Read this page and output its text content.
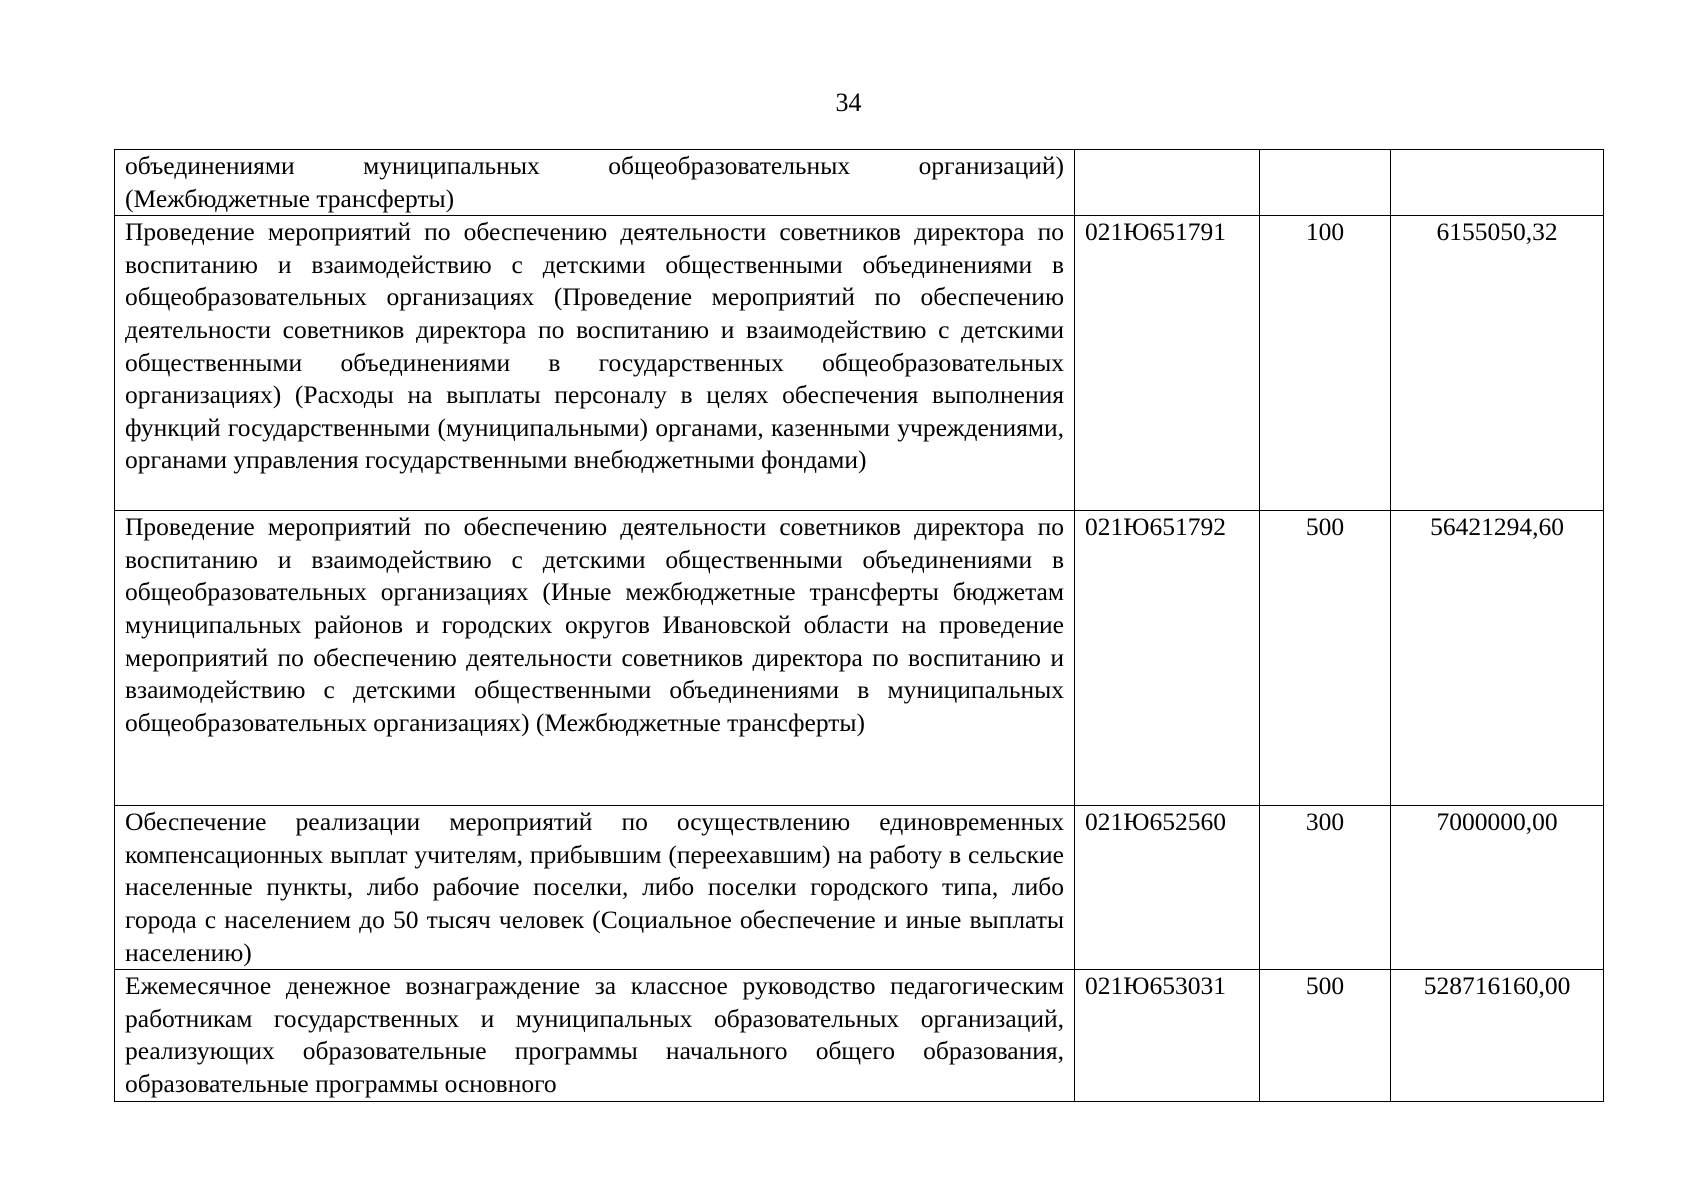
34
объединениями муниципальных общеобразовательных организаций) (Межбюджетные трансферты)			
Проведение мероприятий по обеспечению деятельности советников директора по воспитанию и взаимодействию с детскими общественными объединениями в общеобразовательных организациях (Проведение мероприятий по обеспечению деятельности советников директора по воспитанию и взаимодействию с детскими общественными объединениями в государственных общеобразовательных организациях) (Расходы на выплаты персоналу в целях обеспечения выполнения функций государственными (муниципальными) органами, казенными учреждениями, органами управления государственными внебюджетными фондами)	021Ю651791	100	6155050,32
Проведение мероприятий по обеспечению деятельности советников директора по воспитанию и взаимодействию с детскими общественными объединениями в общеобразовательных организациях (Иные межбюджетные трансферты бюджетам муниципальных районов и городских округов Ивановской области на проведение мероприятий по обеспечению деятельности советников директора по воспитанию и взаимодействию с детскими общественными объединениями в муниципальных общеобразовательных организациях) (Межбюджетные трансферты)	021Ю651792	500	56421294,60
Обеспечение реализации мероприятий по осуществлению единовременных компенсационных выплат учителям, прибывшим (переехавшим) на работу в сельские населенные пункты, либо рабочие поселки, либо поселки городского типа, либо города с населением до 50 тысяч человек (Социальное обеспечение и иные выплаты населению)	021Ю652560	300	7000000,00
Ежемесячное денежное вознаграждение за классное руководство педагогическим работникам государственных и муниципальных образовательных организаций, реализующих образовательные программы начального общего образования, образовательные программы основного	021Ю653031	500	528716160,00
